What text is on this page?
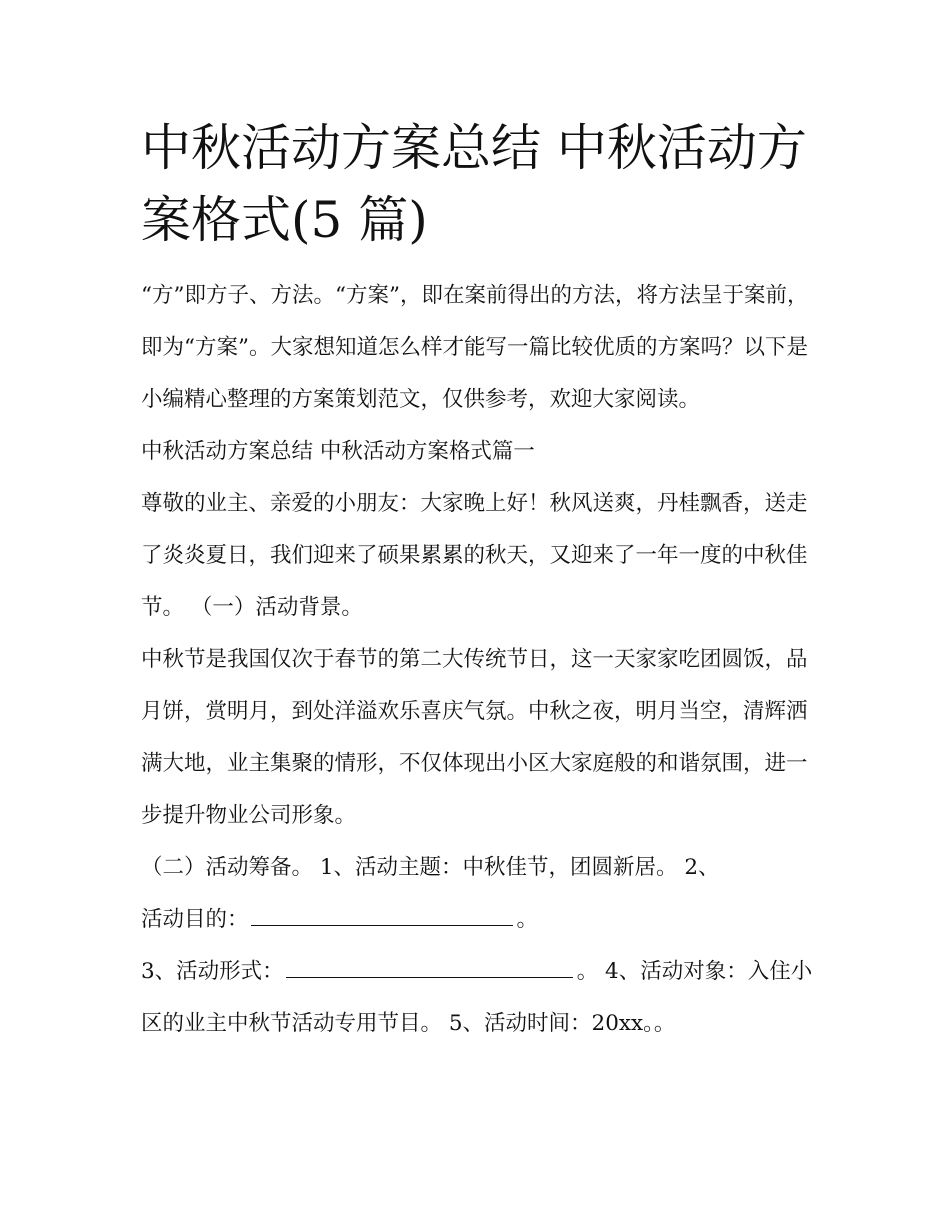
中秋活动方案总结 中秋活动方案格式(5 篇)

“方”即方子、方法。“方案”，即在案前得出的方法，将方法呈于案前，即为“方案”。大家想知道怎么样才能写一篇比较优质的方案吗？以下是小编精心整理的方案策划范文，仅供参考，欢迎大家阅读。

中秋活动方案总结 中秋活动方案格式篇一

尊敬的业主、亲爱的小朋友：大家晚上好！秋风送爽，丹桂飘香，送走了炎炎夏日，我们迎来了硕果累累的秋天，又迎来了一年一度的中秋佳节。 （一）活动背景。

中秋节是我国仅次于春节的第二大传统节日，这一天家家吃团圆饭，品月饼，赏明月，到处洋溢欢乐喜庆气氛。中秋之夜，明月当空，清辉洒满大地，业主集聚的情形，不仅体现出小区大家庭般的和谐氛围，进一步提升物业公司形象。

（二）活动筹备。 1、活动主题：中秋佳节，团圆新居。 2、
活动目的：	。

3、活动形式：	。 4、活动对象：入住小区的业主中秋节活动专用节目。 5、活动时间：20xx。。
